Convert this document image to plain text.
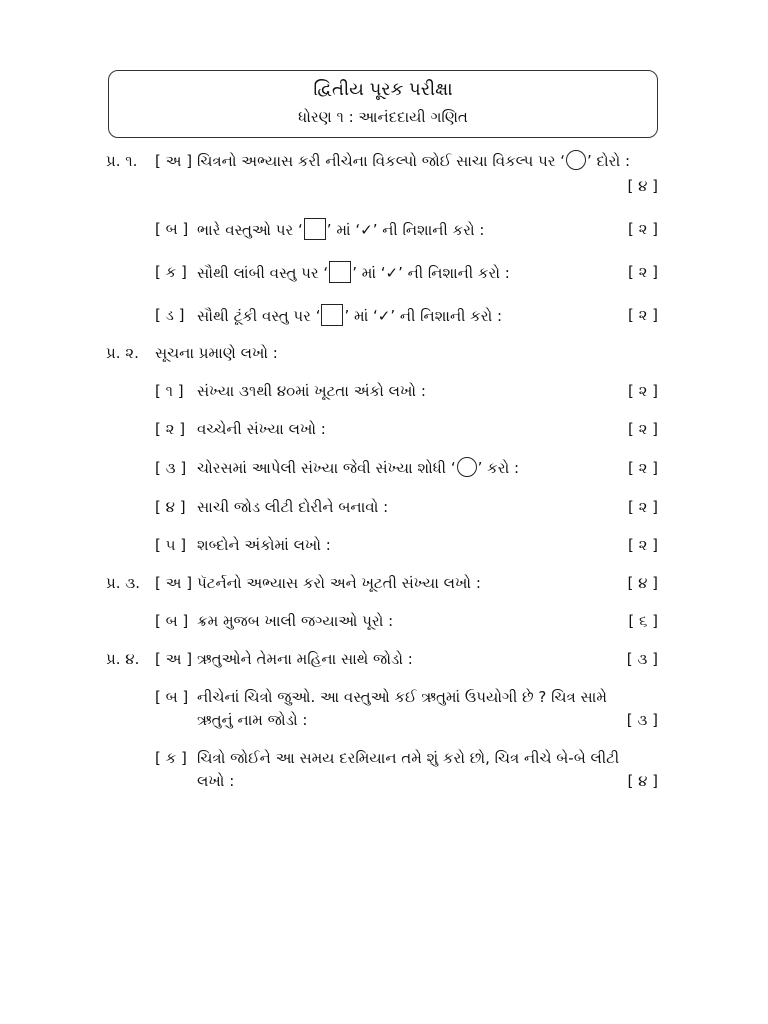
દ્વિતીય પૂરક પરીક્ષા
ધોરણ ૧ : આનંદદાયી ગણિત
પ્ર. ૧. [ અ ] ચિત્રનો અભ્યાસ કરી નીચેના વિકલ્પો જોઈ સાચા વિકલ્પ પર ‘ ’ દોરો :
[ ૪ ]
[ બ ] ભારે વસ્તુઓ પર ‘ ’ માં ‘✓’ ની નિશાની કરો :	[ ૨ ]
[ ક ] સૌથી લાંબી વસ્તુ પર ‘ ’ માં ‘✓’ ની નિશાની કરો :	[ ૨ ]
[ ડ ] સૌથી ટૂંકી વસ્તુ પર ‘ ’ માં ‘✓’ ની નિશાની કરો :	[ ૨ ]
પ્ર. ૨. સૂચના પ્રમાણે લખો :
[ ૧ ] સંખ્યા ૩૧થી ૪૦માં ખૂટતા અંકો લખો :	[ ૨ ]
[ ૨ ] વચ્ચેની સંખ્યા લખો :	[ ૨ ]
[ ૩ ] ચોરસમાં આપેલી સંખ્યા જેવી સંખ્યા શોધી ‘ ’ કરો :	[ ૨ ]
[ ૪ ] સાચી જોડ લીટી દોરીને બનાવો :	[ ૨ ]
[ ૫ ] શબ્દોને અંકોમાં લખો :	[ ૨ ]
પ્ર. ૩. [ અ ] પૅટર્નનો અભ્યાસ કરો અને ખૂટતી સંખ્યા લખો :	[ ૪ ]
[ બ ] ક્રમ મુજબ ખાલી જગ્યાઓ પૂરો :	[ ૬ ]
પ્ર. ૪. [ અ ] ઋતુઓને તેમના મહિના સાથે જોડો :	[ ૩ ]
[ બ ] નીચેનાં ચિત્રો જુઓ. આ વસ્તુઓ કઈ ઋતુમાં ઉપયોગી છે ? ચિત્ર સામે
ઋતુનું નામ જોડો :	[ ૩ ]
[ ક ] ચિત્રો જોઈને આ સમય દરમિયાન તમે શું કરો છો, ચિત્ર નીચે બે-બે લીટી
લખો :	[ ૪ ]
